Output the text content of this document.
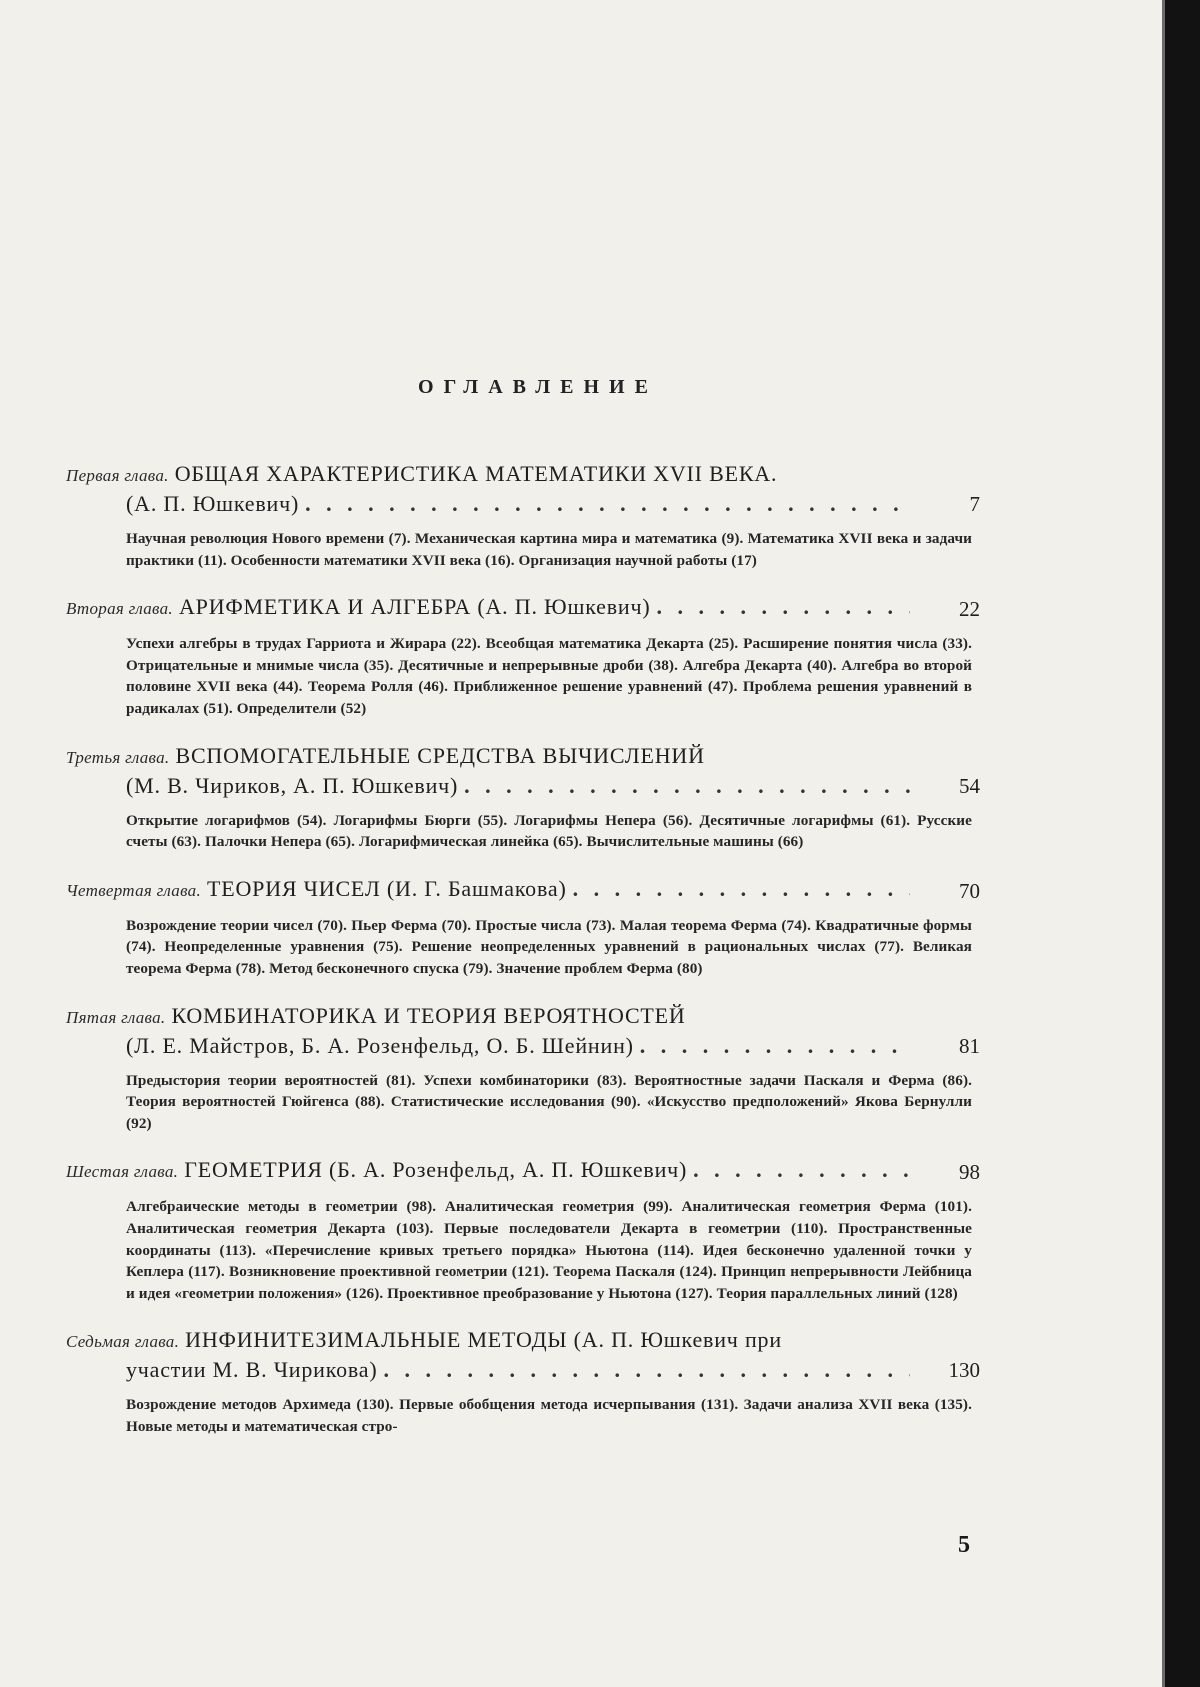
ОГЛАВЛЕНИЕ
Первая глава. ОБЩАЯ ХАРАКТЕРИСТИКА МАТЕМАТИКИ XVII ВЕКА.
(А. П. Юшкевич) . . .	7
Научная революция Нового времени (7). Механическая картина мира и математика (9). Математика XVII века и задачи практики (11). Особенности математики XVII века (16). Организация научной работы (17)
Вторая глава. АРИФМЕТИКА И АЛГЕБРА (А. П. Юшкевич) . . .	22
Успехи алгебры в трудах Гарриота и Жирара (22). Всеобщая математика Декарта (25). Расширение понятия числа (33). Отрицательные и мнимые числа (35). Десятичные и непрерывные дроби (38). Алгебра Декарта (40). Алгебра во второй половине XVII века (44). Теорема Ролля (46). Приближенное решение уравнений (47). Проблема решения уравнений в радикалах (51). Определители (52)
Третья глава. ВСПОМОГАТЕЛЬНЫЕ СРЕДСТВА ВЫЧИСЛЕНИЙ
(М. В. Чириков, А. П. Юшкевич) . . .	54
Открытие логарифмов (54). Логарифмы Бюрги (55). Логарифмы Непера (56). Десятичные логарифмы (61). Русские счеты (63). Палочки Непера (65). Логарифмическая линейка (65). Вычислительные машины (66)
Четвертая глава. ТЕОРИЯ ЧИСЕЛ (И. Г. Башмакова) . . .	70
Возрождение теории чисел (70). Пьер Ферма (70). Простые числа (73). Малая теорема Ферма (74). Квадратичные формы (74). Неопределенные уравнения (75). Решение неопределенных уравнений в рациональных числах (77). Великая теорема Ферма (78). Метод бесконечного спуска (79). Значение проблем Ферма (80)
Пятая глава. КОМБИНАТОРИКА И ТЕОРИЯ ВЕРОЯТНОСТЕЙ
(Л. Е. Майстров, Б. А. Розенфельд, О. Б. Шейнин) . . .	81
Предыстория теории вероятностей (81). Успехи комбинаторики (83). Вероятностные задачи Паскаля и Ферма (86). Теория вероятностей Гюйгенса (88). Статистические исследования (90). «Искусство предположений» Якова Бернулли (92)
Шестая глава. ГЕОМЕТРИЯ (Б. А. Розенфельд, А. П. Юшкевич) . . .	98
Алгебраические методы в геометрии (98). Аналитическая геометрия (99). Аналитическая геометрия Ферма (101). Аналитическая геометрия Декарта (103). Первые последователи Декарта в геометрии (110). Пространственные координаты (113). «Перечисление кривых третьего порядка» Ньютона (114). Идея бесконечно удаленной точки у Кеплера (117). Возникновение проективной геометрии (121). Теорема Паскаля (124). Принцип непрерывности Лейбница и идея «геометрии положения» (126). Проективное преобразование у Ньютона (127). Теория параллельных линий (128)
Седьмая глава. ИНФИНИТЕЗИМАЛЬНЫЕ МЕТОДЫ (А. П. Юшкевич при
участии М. В. Чирикова) . . .	130
Возрождение методов Архимеда (130). Первые обобщения метода исчерпывания (131). Задачи анализа XVII века (135). Новые методы и математическая стро-
5
